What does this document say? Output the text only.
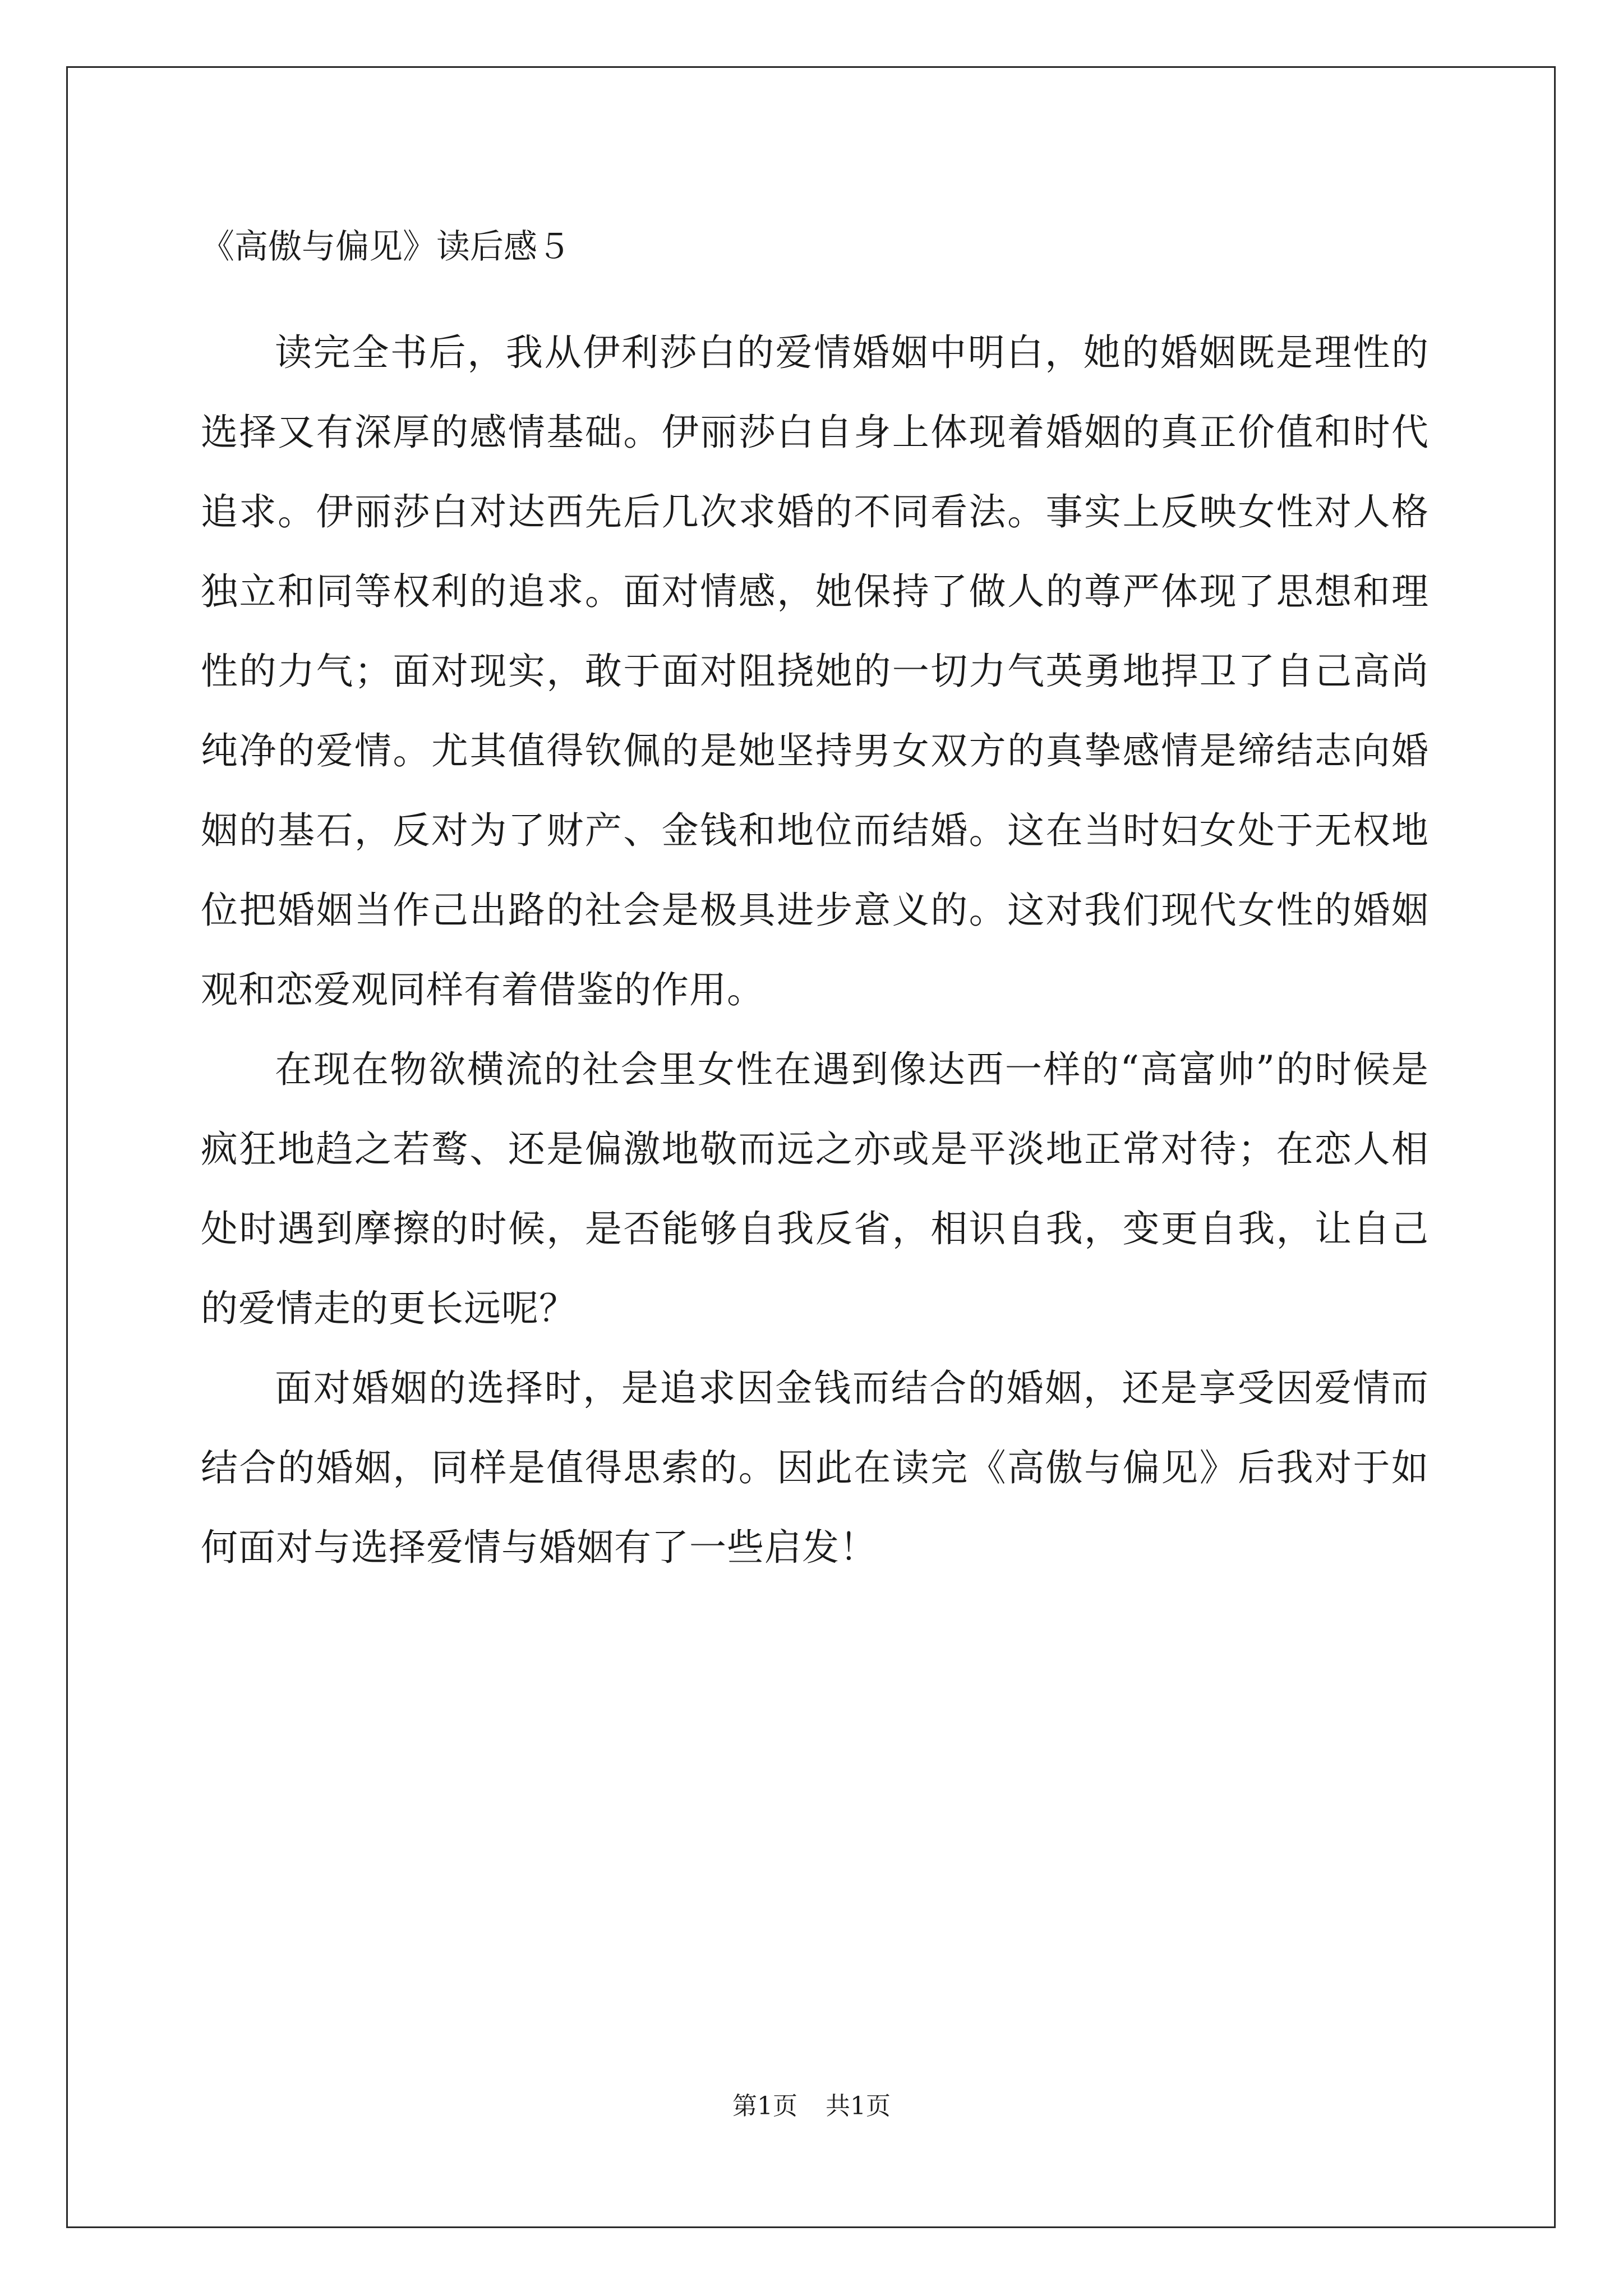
《高傲与偏见》读后感５

读完全书后，我从伊利莎白的爱情婚姻中明白，她的婚姻既是理性的选择又有深厚的感情基础。伊丽莎白自身上体现着婚姻的真正价值和时代追求。伊丽莎白对达西先后几次求婚的不同看法。事实上反映女性对人格独立和同等权利的追求。面对情感，她保持了做人的尊严体现了思想和理性的力气；面对现实，敢于面对阻挠她的一切力气英勇地捍卫了自己高尚纯净的爱情。尤其值得钦佩的是她坚持男女双方的真挚感情是缔结志向婚姻的基石，反对为了财产、金钱和地位而结婚。这在当时妇女处于无权地位把婚姻当作己出路的社会是极具进步意义的。这对我们现代女性的婚姻观和恋爱观同样有着借鉴的作用。

在现在物欲横流的社会里女性在遇到像达西一样的“高富帅”的时候是疯狂地趋之若鹜、还是偏激地敬而远之亦或是平淡地正常对待；在恋人相处时遇到摩擦的时候，是否能够自我反省，相识自我，变更自我，让自己的爱情走的更长远呢？

面对婚姻的选择时，是追求因金钱而结合的婚姻，还是享受因爱情而结合的婚姻，同样是值得思索的。因此在读完《高傲与偏见》后我对于如何面对与选择爱情与婚姻有了一些启发！

第1页 共1页
